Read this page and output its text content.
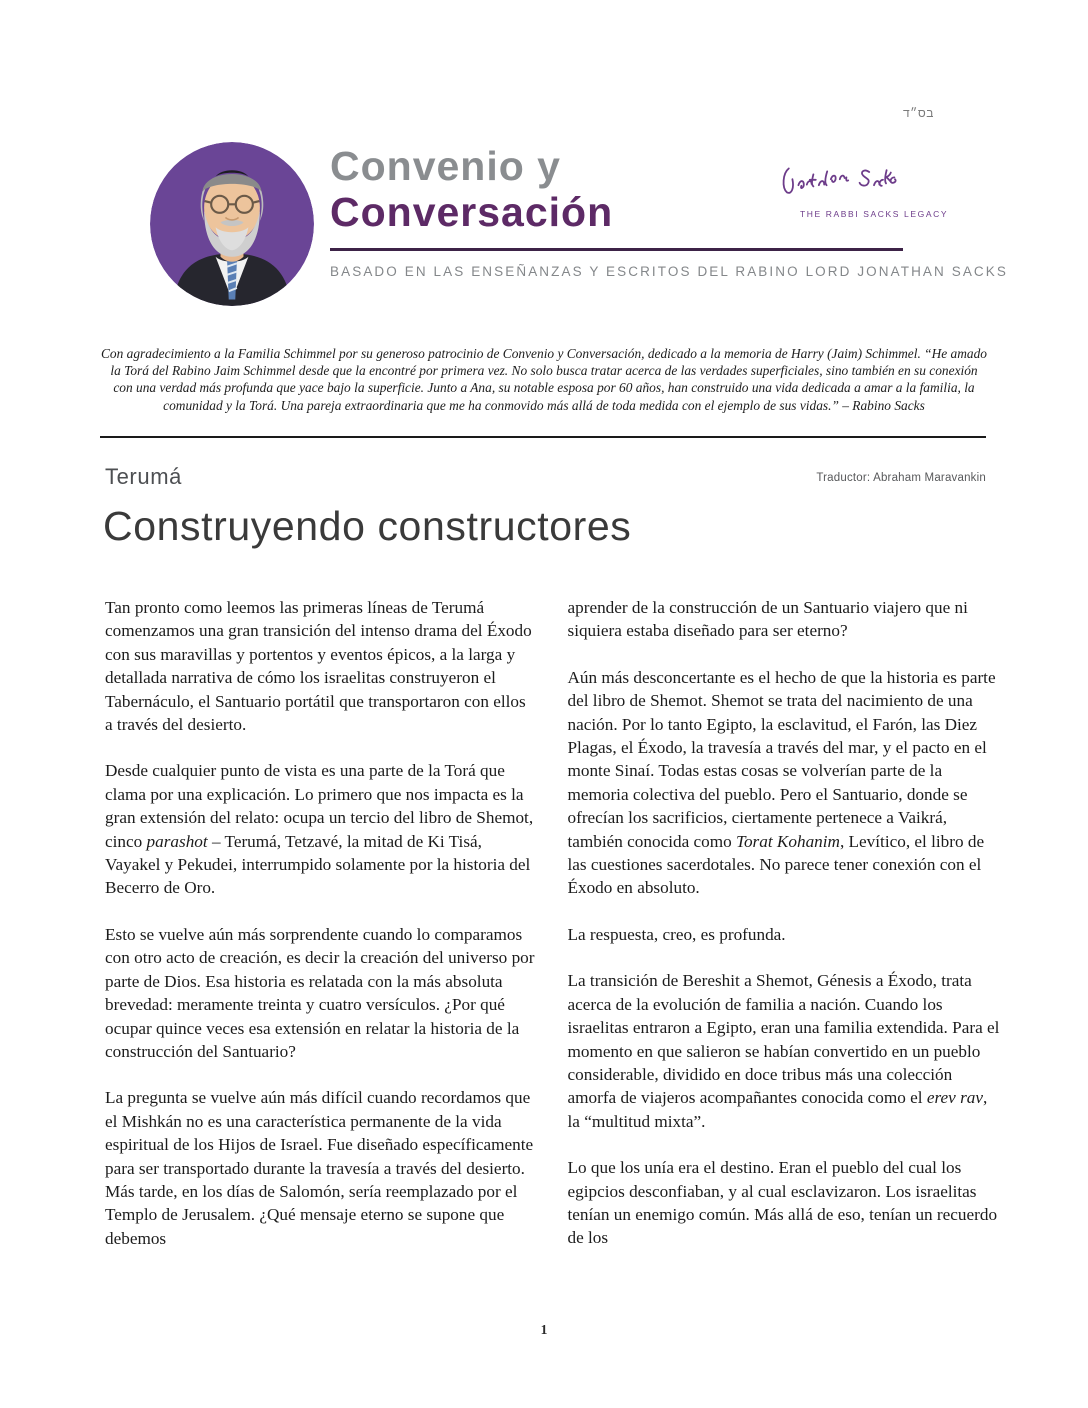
בס״ד
Convenio y
Conversación
BASADO EN LAS ENSEÑANZAS Y ESCRITOS DEL RABINO LORD JONATHAN SACKS
THE RABBI SACKS LEGACY
Con agradecimiento a la Familia Schimmel por su generoso patrocinio de Convenio y Conversación, dedicado a la memoria de Harry (Jaim) Schimmel. “He amado la Torá del Rabino Jaim Schimmel desde que la encontré por primera vez. No solo busca tratar acerca de las verdades superficiales, sino también en su conexión con una verdad más profunda que yace bajo la superficie. Junto a Ana, su notable esposa por 60 años, han construido una vida dedicada a amar a la familia, la comunidad y la Torá. Una pareja extraordinaria que me ha conmovido más allá de toda medida con el ejemplo de sus vidas.” – Rabino Sacks
Terumá	Traductor: Abraham Maravankin
Construyendo constructores

Tan pronto como leemos las primeras líneas de Terumá comenzamos una gran transición del intenso drama del Éxodo con sus maravillas y portentos y eventos épicos, a la larga y detallada narrativa de cómo los israelitas construyeron el Tabernáculo, el Santuario portátil que transportaron con ellos a través del desierto.

Desde cualquier punto de vista es una parte de la Torá que clama por una explicación. Lo primero que nos impacta es la gran extensión del relato: ocupa un tercio del libro de Shemot, cinco parashot – Terumá, Tetzavé, la mitad de Ki Tisá, Vayakel y Pekudei, interrumpido solamente por la historia del Becerro de Oro.

Esto se vuelve aún más sorprendente cuando lo comparamos con otro acto de creación, es decir la creación del universo por parte de Dios. Esa historia es relatada con la más absoluta brevedad: meramente treinta y cuatro versículos. ¿Por qué ocupar quince veces esa extensión en relatar la historia de la construcción del Santuario?

La pregunta se vuelve aún más difícil cuando recordamos que el Mishkán no es una característica permanente de la vida espiritual de los Hijos de Israel. Fue diseñado específicamente para ser transportado durante la travesía a través del desierto. Más tarde, en los días de Salomón, sería reemplazado por el Templo de Jerusalem. ¿Qué mensaje eterno se supone que debemos

aprender de la construcción de un Santuario viajero que ni siquiera estaba diseñado para ser eterno?

Aún más desconcertante es el hecho de que la historia es parte del libro de Shemot. Shemot se trata del nacimiento de una nación. Por lo tanto Egipto, la esclavitud, el Farón, las Diez Plagas, el Éxodo, la travesía a través del mar, y el pacto en el monte Sinaí. Todas estas cosas se volverían parte de la memoria colectiva del pueblo. Pero el Santuario, donde se ofrecían los sacrificios, ciertamente pertenece a Vaikrá, también conocida como Torat Kohanim, Levítico, el libro de las cuestiones sacerdotales. No parece tener conexión con el Éxodo en absoluto.

La respuesta, creo, es profunda.

La transición de Bereshit a Shemot, Génesis a Éxodo, trata acerca de la evolución de familia a nación. Cuando los israelitas entraron a Egipto, eran una familia extendida. Para el momento en que salieron se habían convertido en un pueblo considerable, dividido en doce tribus más una colección amorfa de viajeros acompañantes conocida como el erev rav, la “multitud mixta”.

Lo que los unía era el destino. Eran el pueblo del cual los egipcios desconfiaban, y al cual esclavizaron. Los israelitas tenían un enemigo común. Más allá de eso, tenían un recuerdo de los

1
